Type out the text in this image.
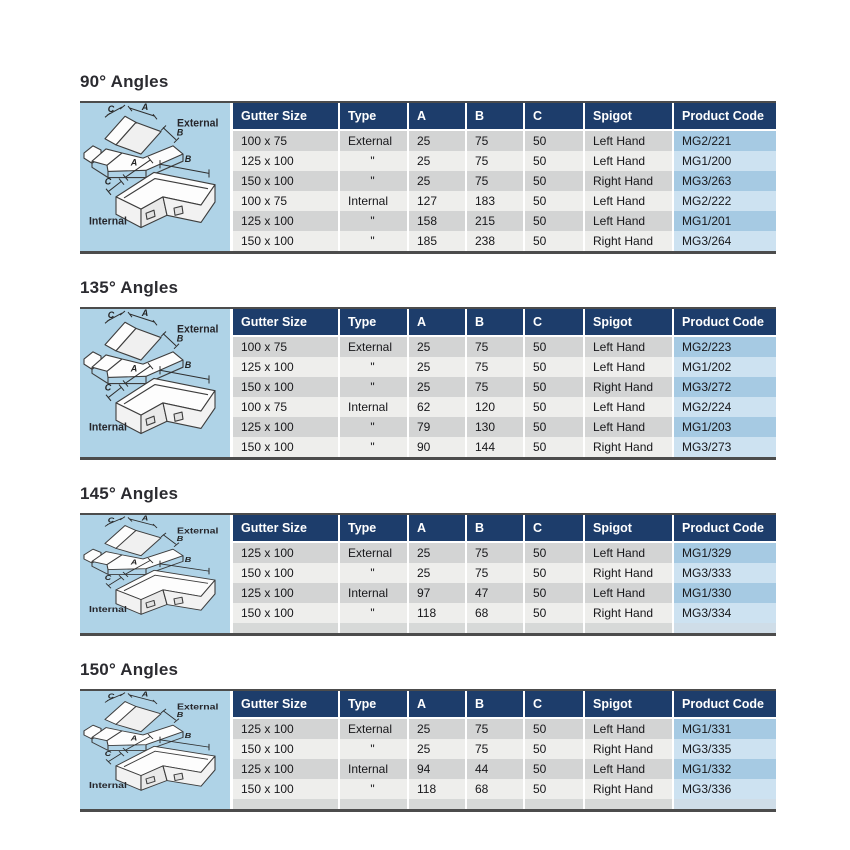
90° Angles
C	A
B
External
A	B
C
Internal
Gutter Size	Type	A	B	C	Spigot	Product Code
100 x 75	External	25	75	50	Left Hand	MG2/221
125 x 100	"	25	75	50	Left Hand	MG1/200
150 x 100	"	25	75	50	Right Hand	MG3/263
100 x 75	Internal	127	183	50	Left Hand	MG2/222
125 x 100	"	158	215	50	Left Hand	MG1/201
150 x 100	"	185	238	50	Right Hand	MG3/264
135° Angles
C	A
B
External
A	B
C
Internal
Gutter Size	Type	A	B	C	Spigot	Product Code
100 x 75	External	25	75	50	Left Hand	MG2/223
125 x 100	"	25	75	50	Left Hand	MG1/202
150 x 100	"	25	75	50	Right Hand	MG3/272
100 x 75	Internal	62	120	50	Left Hand	MG2/224
125 x 100	"	79	130	50	Left Hand	MG1/203
150 x 100	"	90	144	50	Right Hand	MG3/273
145° Angles
C	A
B
External
A	B
C
Internal
Gutter Size	Type	A	B	C	Spigot	Product Code
125 x 100	External	25	75	50	Left Hand	MG1/329
150 x 100	"	25	75	50	Right Hand	MG3/333
125 x 100	Internal	97	47	50	Left Hand	MG1/330
150 x 100	"	118	68	50	Right Hand	MG3/334

150° Angles
C	A
B
External
A	B
C
Internal
Gutter Size	Type	A	B	C	Spigot	Product Code
125 x 100	External	25	75	50	Left Hand	MG1/331
150 x 100	"	25	75	50	Right Hand	MG3/335
125 x 100	Internal	94	44	50	Left Hand	MG1/332
150 x 100	"	118	68	50	Right Hand	MG3/336
